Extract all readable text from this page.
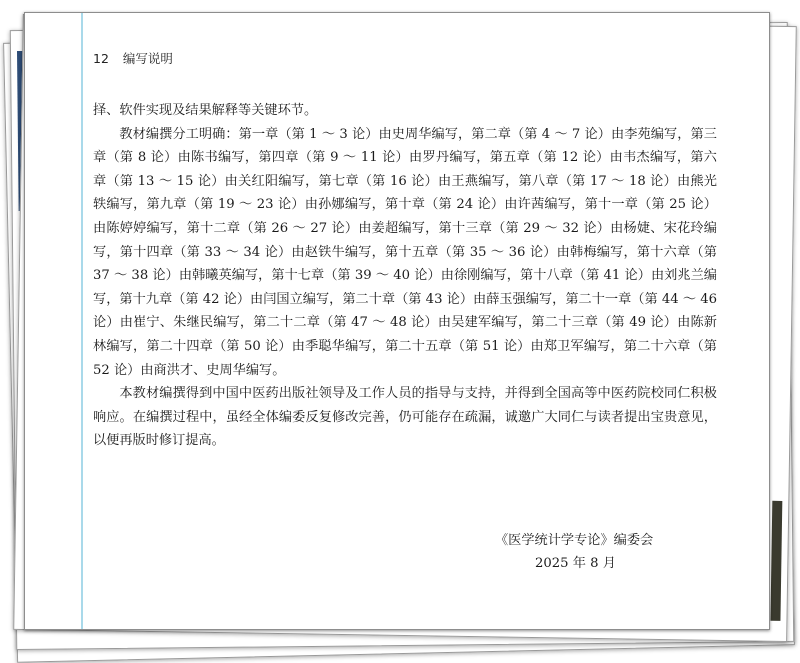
12 编写说明

择、软件实现及结果解释等关键环节。

教材编撰分工明确：第一章（第 1 ～ 3 论）由史周华编写，第二章（第 4 ～ 7 论）由李苑编写，第三章（第 8 论）由陈书编写，第四章（第 9 ～ 11 论）由罗丹编写，第五章（第 12 论）由韦杰编写，第六章（第 13 ～ 15 论）由关红阳编写，第七章（第 16 论）由王燕编写，第八章（第 17 ～ 18 论）由熊光轶编写，第九章（第 19 ～ 23 论）由孙娜编写，第十章（第 24 论）由许茜编写，第十一章（第 25 论）由陈婷婷编写，第十二章（第 26 ～ 27 论）由姜超编写，第十三章（第 29 ～ 32 论）由杨婕、宋花玲编写，第十四章（第 33 ～ 34 论）由赵铁牛编写，第十五章（第 35 ～ 36 论）由韩梅编写，第十六章（第 37 ～ 38 论）由韩曦英编写，第十七章（第 39 ～ 40 论）由徐刚编写，第十八章（第 41 论）由刘兆兰编写，第十九章（第 42 论）由闫国立编写，第二十章（第 43 论）由薛玉强编写，第二十一章（第 44 ～ 46 论）由崔宁、朱继民编写，第二十二章（第 47 ～ 48 论）由吴建军编写，第二十三章（第 49 论）由陈新林编写，第二十四章（第 50 论）由季聪华编写，第二十五章（第 51 论）由郑卫军编写，第二十六章（第 52 论）由商洪才、史周华编写。

本教材编撰得到中国中医药出版社领导及工作人员的指导与支持，并得到全国高等中医药院校同仁积极响应。在编撰过程中，虽经全体编委反复修改完善，仍可能存在疏漏，诚邀广大同仁与读者提出宝贵意见，以便再版时修订提高。

《医学统计学专论》编委会
2025 年 8 月
